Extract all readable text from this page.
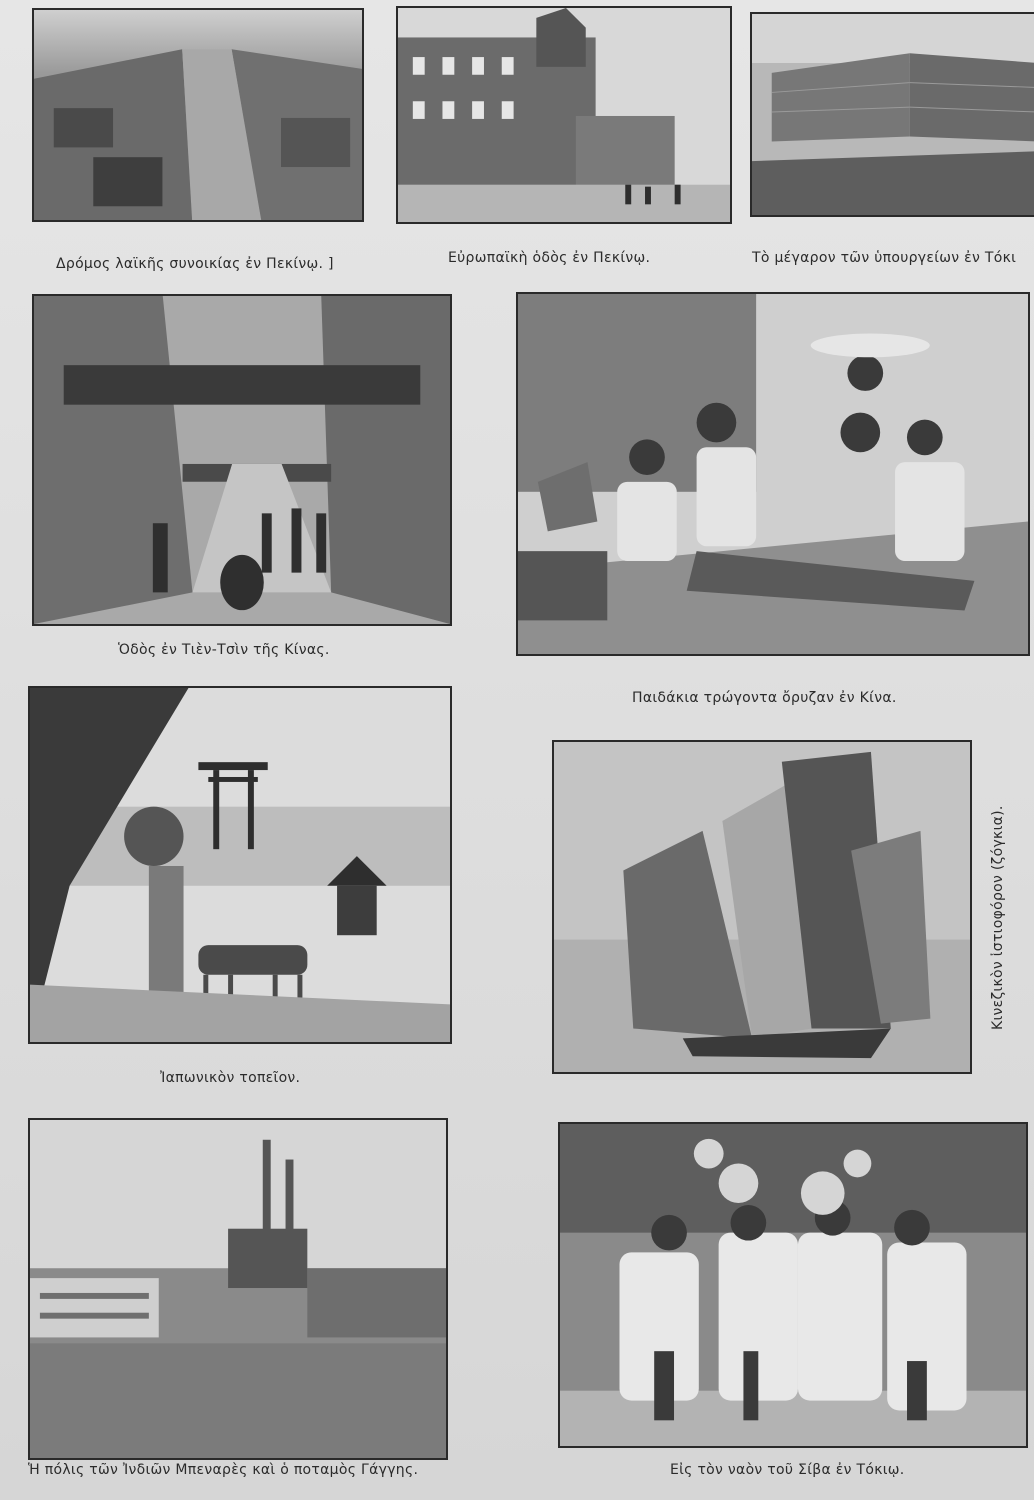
Δρόμος λαϊκῆς συνοικίας ἐν Πεκίνῳ. ]	Εὐρωπαϊκὴ ὁδὸς ἐν Πεκίνῳ.	Τὸ μέγαρον τῶν ὑπουργείων ἐν Τόκι
Ὁδὸς ἐν Τιὲν-Τσὶν τῆς Κίνας.
Παιδάκια τρώγοντα ὄρυζαν ἐν Κίνα.
Ἰαπωνικὸν τοπεῖον.
Κινεζικὸν ἱστιοφόρον (ζόγκια).
Ἡ πόλις τῶν Ἰνδιῶν Μπεναρὲς καὶ ὁ ποταμὸς Γάγγης.	Εἰς τὸν ναὸν τοῦ Σίβα ἐν Τόκιῳ.
